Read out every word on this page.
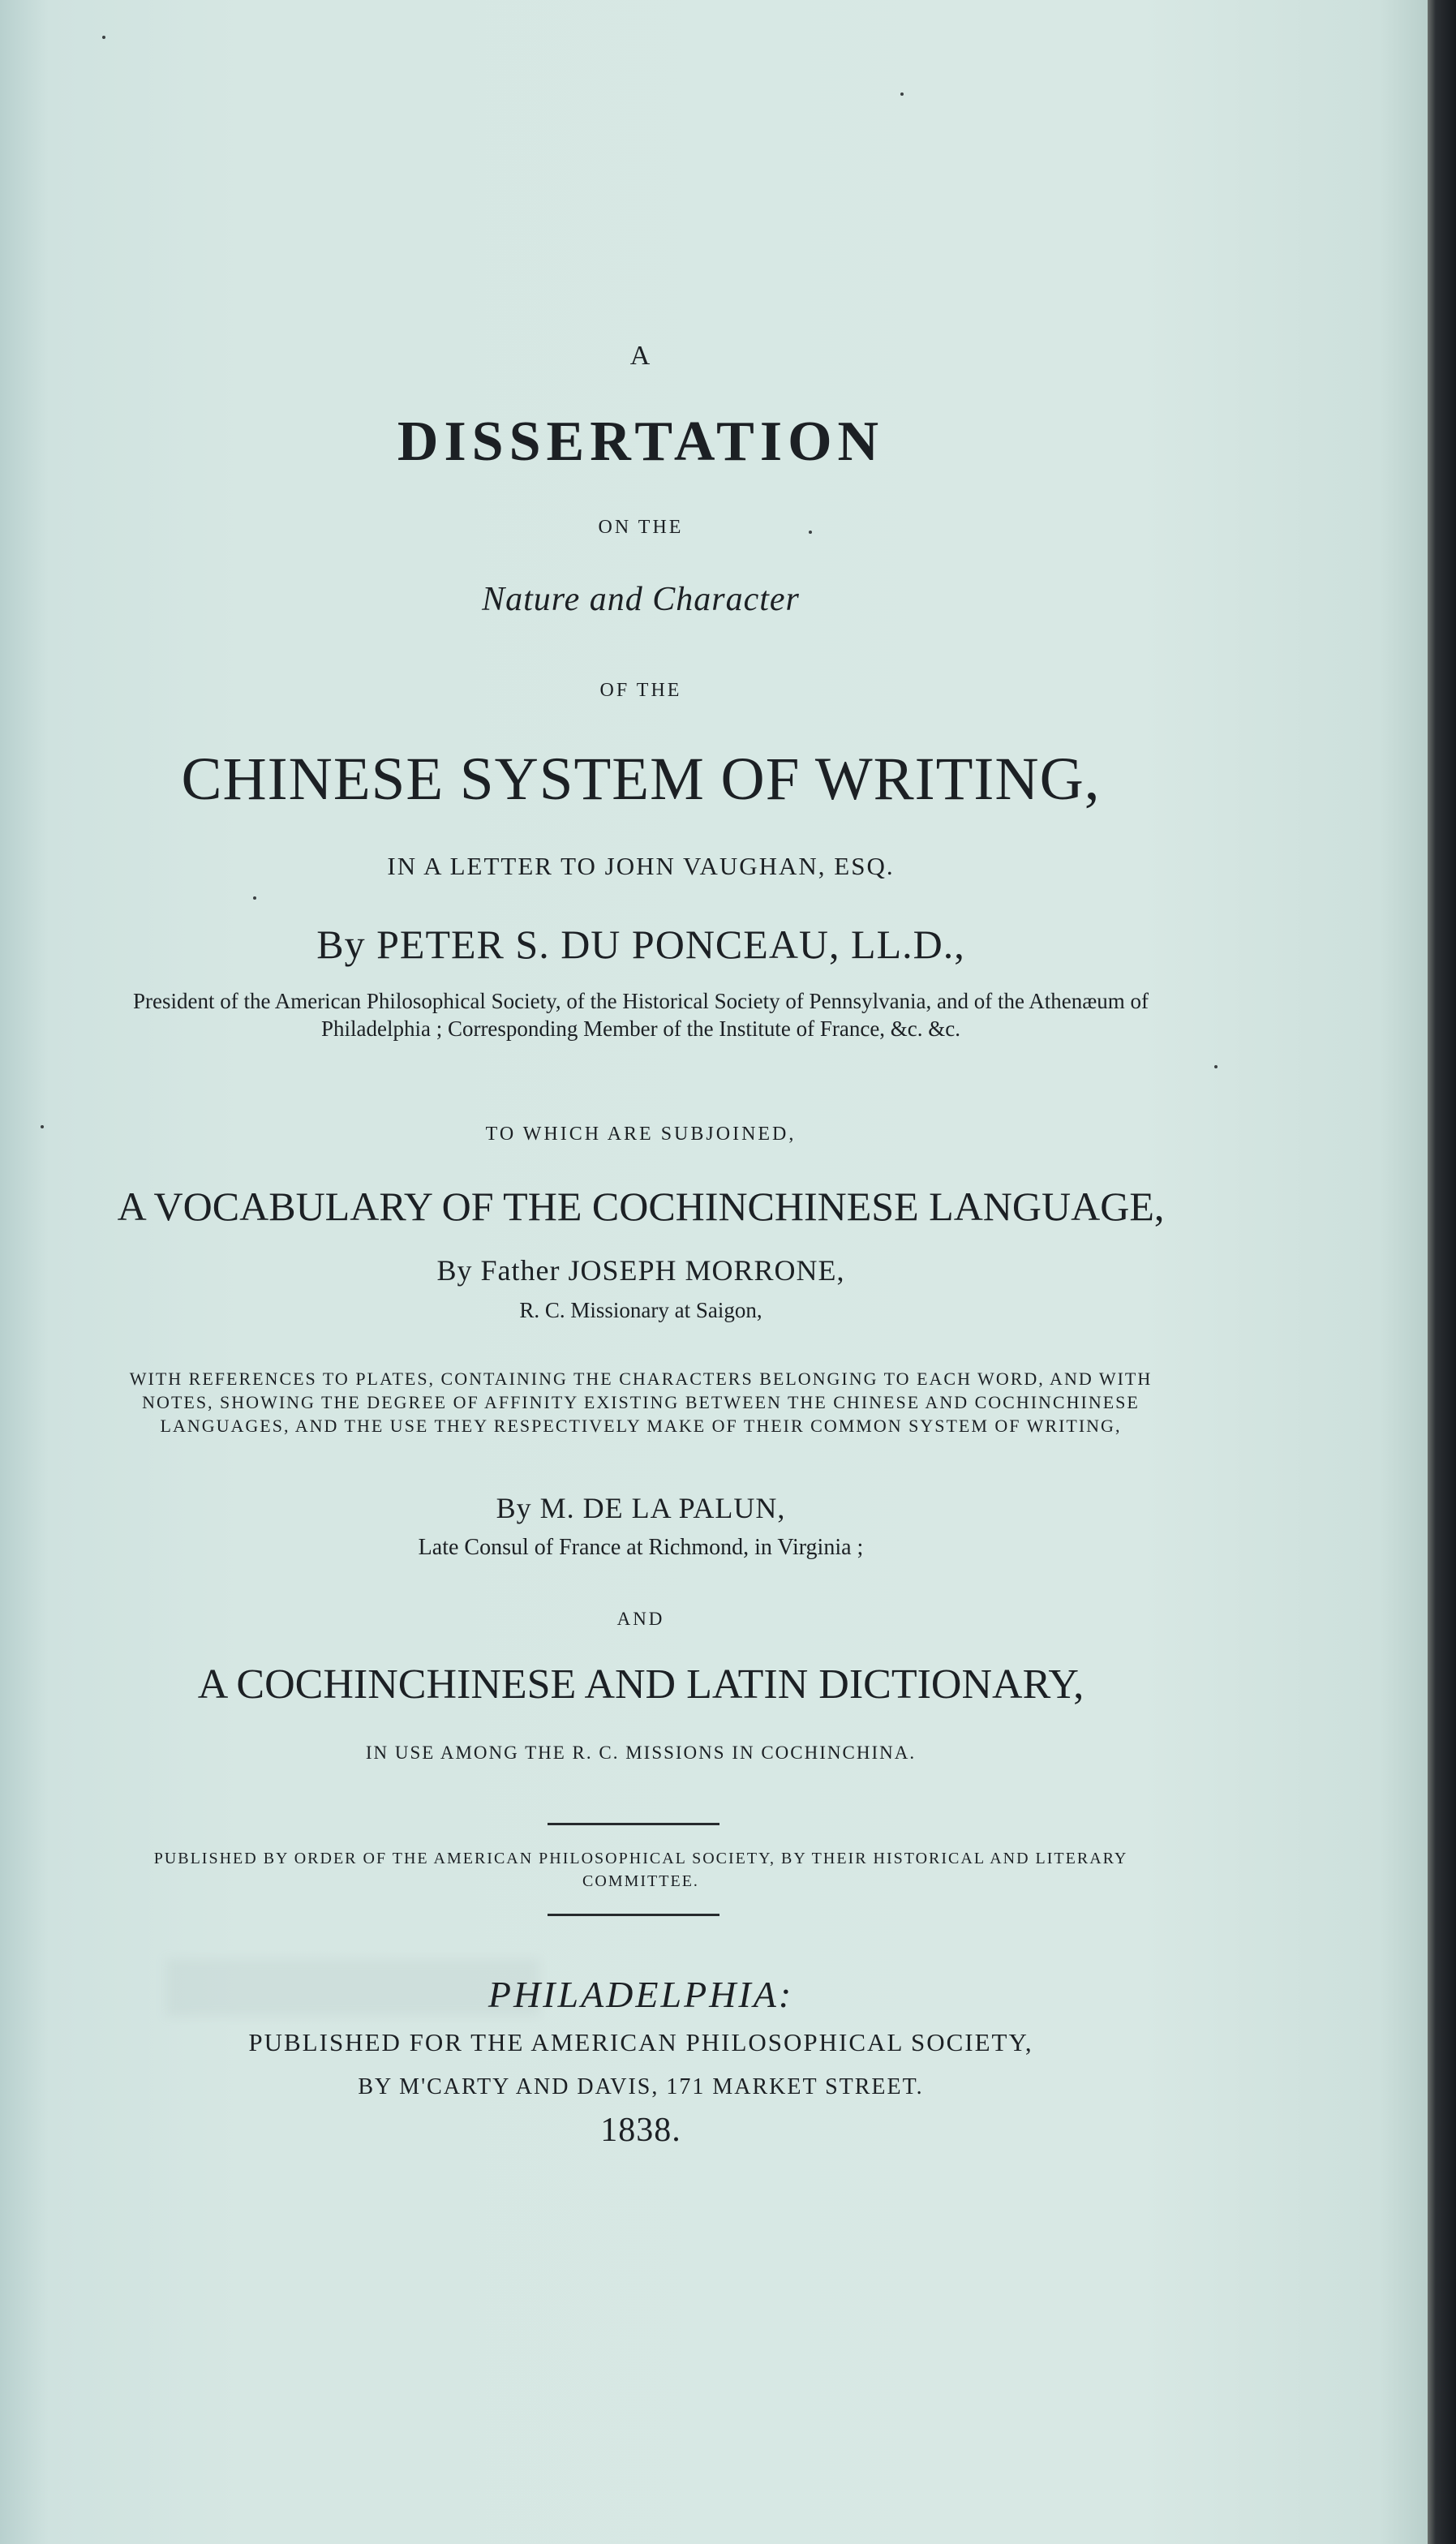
A
DISSERTATION
ON THE
Nature and Character
OF THE
CHINESE SYSTEM OF WRITING,
IN A LETTER TO JOHN VAUGHAN, ESQ.
By PETER S. DU PONCEAU, LL.D.,
President of the American Philosophical Society, of the Historical Society of Pennsylvania, and of the Athenæum of Philadelphia ; Corresponding Member of the Institute of France, &c. &c.
TO WHICH ARE SUBJOINED,
A VOCABULARY OF THE COCHINCHINESE LANGUAGE,
By Father JOSEPH MORRONE,
R. C. Missionary at Saigon,
WITH REFERENCES TO PLATES, CONTAINING THE CHARACTERS BELONGING TO EACH WORD, AND WITH NOTES, SHOWING THE DEGREE OF AFFINITY EXISTING BETWEEN THE CHINESE AND COCHINCHINESE LANGUAGES, AND THE USE THEY RESPECTIVELY MAKE OF THEIR COMMON SYSTEM OF WRITING,
By M. DE LA PALUN,
Late Consul of France at Richmond, in Virginia ;
AND
A COCHINCHINESE AND LATIN DICTIONARY,
IN USE AMONG THE R. C. MISSIONS IN COCHINCHINA.
PUBLISHED BY ORDER OF THE AMERICAN PHILOSOPHICAL SOCIETY, BY THEIR HISTORICAL AND LITERARY COMMITTEE.
PHILADELPHIA:
PUBLISHED FOR THE AMERICAN PHILOSOPHICAL SOCIETY,
BY M'CARTY AND DAVIS, 171 MARKET STREET.
1838.
